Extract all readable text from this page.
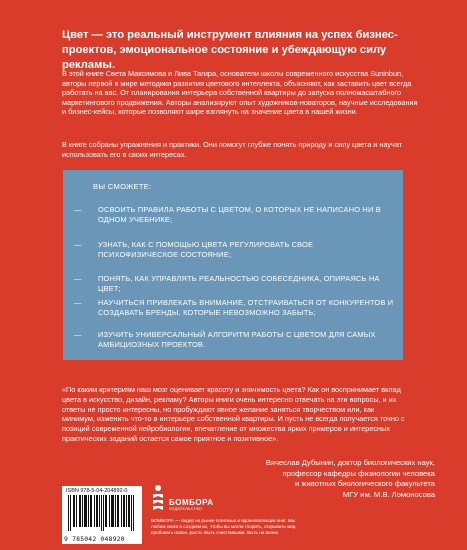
Цвет — это реальный инструмент влияния на успех бизнес-проектов, эмоциональное состояние и убеждающую силу рекламы.
В этой книге Света Максимова и Лива Тагира, основатели школы современного искусства Suninbun, авторы первой в мире методики развития цветового интеллекта, объясняют, как заставить цвет всегда работать на вас. От планирования интерьера собственной квартиры до запуска полномасштабного маркетингового продвижения. Авторы анализируют опыт художников-новаторов, научные исследования и бизнес-кейсы, которые позволяют шире взглянуть на значение цвета в нашей жизни.
В книге собраны упражнения и практики. Они помогут глубже понять природу и силу цвета и научат использовать его в своих интересах.
ВЫ СМОЖЕТЕ:
—	ОСВОИТЬ ПРАВИЛА РАБОТЫ С ЦВЕТОМ, О КОТОРЫХ НЕ НАПИСАНО НИ В ОДНОМ УЧЕБНИКЕ;
—	УЗНАТЬ, КАК С ПОМОЩЬЮ ЦВЕТА РЕГУЛИРОВАТЬ СВОЕ ПСИХОФИЗИЧЕСКОЕ СОСТОЯНИЕ;
—	ПОНЯТЬ, КАК УПРАВЛЯТЬ РЕАЛЬНОСТЬЮ СОБЕСЕДНИКА, ОПИРАЯСЬ НА ЦВЕТ;
—	НАУЧИТЬСЯ ПРИВЛЕКАТЬ ВНИМАНИЕ, ОТСТРАИВАТЬСЯ ОТ КОНКУРЕНТОВ И СОЗДАВАТЬ БРЕНДЫ, КОТОРЫЕ НЕВОЗМОЖНО ЗАБЫТЬ;
—	ИЗУЧИТЬ УНИВЕРСАЛЬНЫЙ АЛГОРИТМ РАБОТЫ С ЦВЕТОМ ДЛЯ САМЫХ АМБИЦИОЗНЫХ ПРОЕКТОВ.
«По каким критериям наш мозг оценивает красоту и значимость цвета? Как он воспринимает вклад цвета в искусство, дизайн, рекламу? Авторы книги очень интересно отвечать на эти вопросы, и их ответы не просто интересны, но пробуждают явное желание заняться творчеством или, как минимум, изменить что-то в интерьере собственной квартиры. И пусть не всегда получается точно с позиций современной нейробиологии, впечатление от множества ярких примеров и интересных практических заданий остается самое приятное и позитивное».
Вячеслав Дубынин, доктор биологических наук,
профессор кафедры физиологии человека
и животных биологического факультета
МГУ им. М.В. Ломоносова
ISBN 978-5-04-204892-0
9 785042 048920
БОМБОРА
ИЗДАТЕЛЬСТВО
БОМБОРА — лидер на рынке полезных и вдохновляющих книг. Мы любим книги и создаем их, чтобы вы могли творить, открывать мир, пробовать новое, расти. Быть счастливыми. Быть на волне.
